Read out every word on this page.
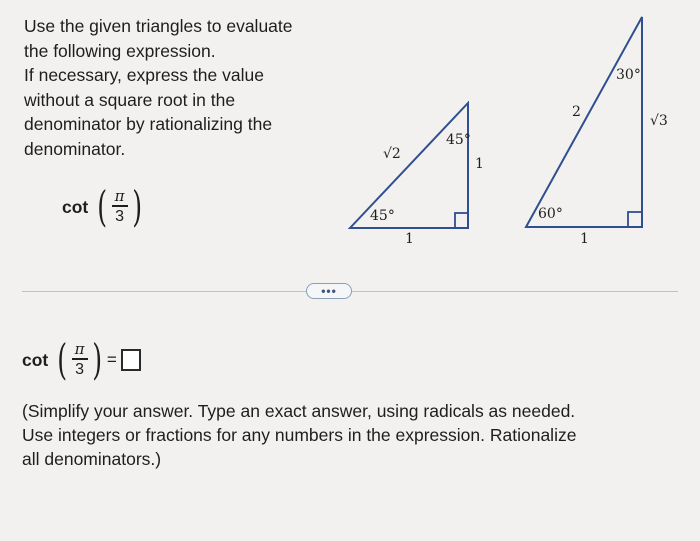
Use the given triangles to evaluate
the following expression.
If necessary, express the value
without a square root in the
denominator by rationalizing the
denominator.
cot ( $\frac{\pi}{3}$ )
√2
1
1
45°
45°
2
√3
1
60°
30°
•••
cot ( $\frac{\pi}{3}$ ) =
(Simplify your answer. Type an exact answer, using radicals as needed.
Use integers or fractions for any numbers in the expression. Rationalize
all denominators.)
